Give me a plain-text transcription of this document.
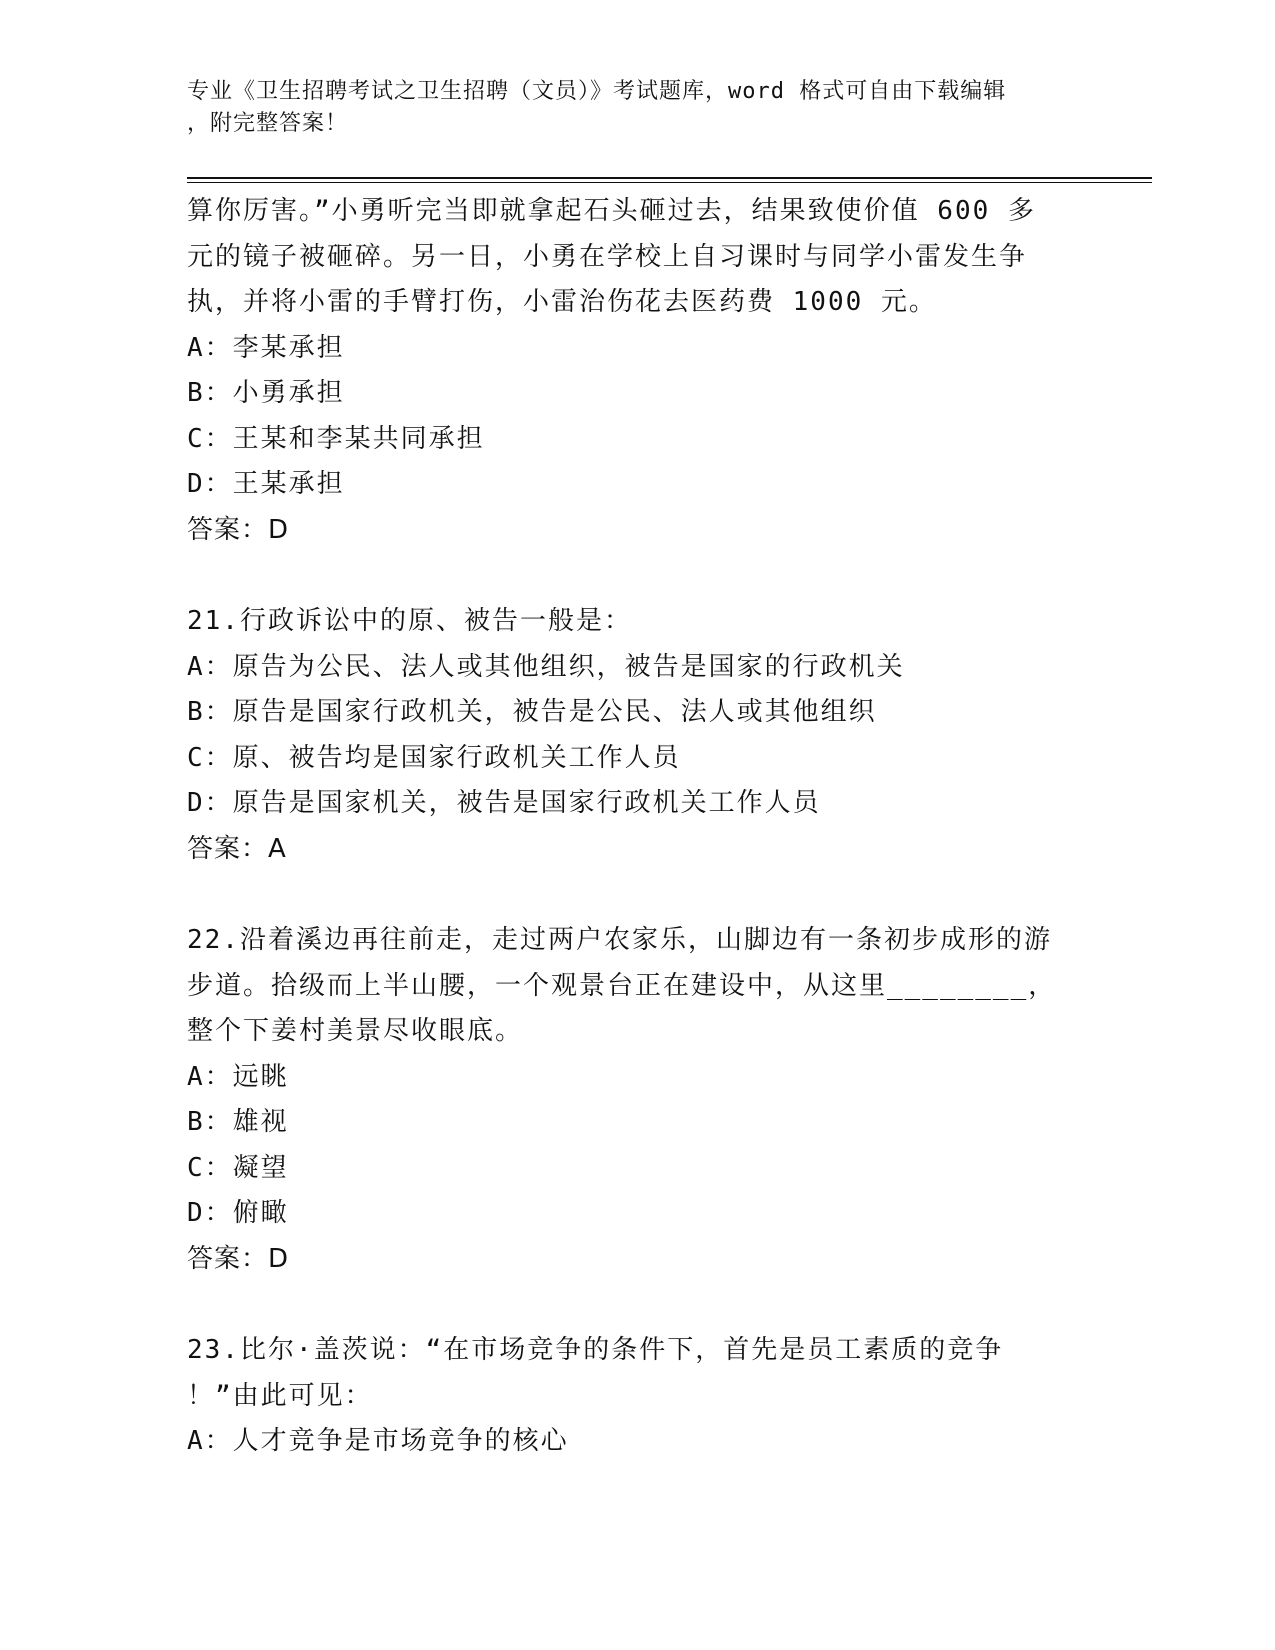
专业《卫生招聘考试之卫生招聘（文员）》考试题库，word 格式可自由下载编辑
，附完整答案！
算你厉害。”小勇听完当即就拿起石头砸过去，结果致使价值 600 多
元的镜子被砸碎。另一日，小勇在学校上自习课时与同学小雷发生争
执，并将小雷的手臂打伤，小雷治伤花去医药费 1000 元。
A：李某承担
B：小勇承担
C：王某和李某共同承担
D：王某承担
答案：D
21.行政诉讼中的原、被告一般是：
A：原告为公民、法人或其他组织，被告是国家的行政机关
B：原告是国家行政机关，被告是公民、法人或其他组织
C：原、被告均是国家行政机关工作人员
D：原告是国家机关，被告是国家行政机关工作人员
答案：A
22.沿着溪边再往前走，走过两户农家乐，山脚边有一条初步成形的游
步道。拾级而上半山腰，一个观景台正在建设中，从这里________，
整个下姜村美景尽收眼底。
A：远眺
B：雄视
C：凝望
D：俯瞰
答案：D
23.比尔·盖茨说：“在市场竞争的条件下，首先是员工素质的竞争
！”由此可见：
A：人才竞争是市场竞争的核心
